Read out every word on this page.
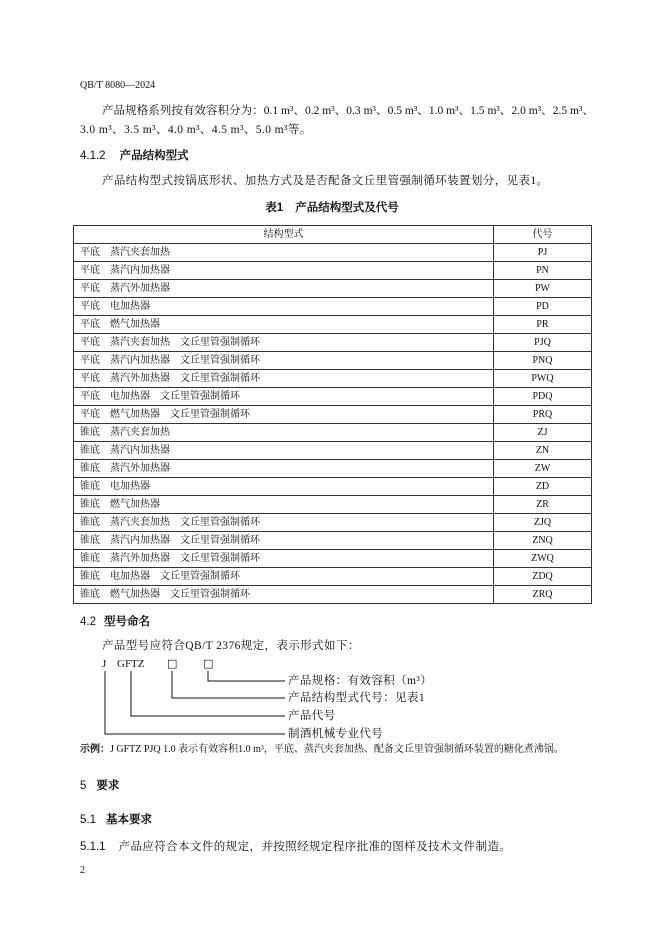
QB/T 8080—2024
产品规格系列按有效容积分为：0.1 m³、0.2 m³、0.3 m³、0.5 m³、1.0 m³、1.5 m³、2.0 m³、2.5 m³、
3.0 m³、3.5 m³、4.0 m³、4.5 m³、5.0 m³等。
4.1.2 产品结构型式
产品结构型式按锅底形状、加热方式及是否配备文丘里管强制循环装置划分，见表1。
表1 产品结构型式及代号
结构型式	代号
平底　蒸汽夹套加热	PJ
平底　蒸汽内加热器	PN
平底　蒸汽外加热器	PW
平底　电加热器	PD
平底　燃气加热器	PR
平底　蒸汽夹套加热　文丘里管强制循环	PJQ
平底　蒸汽内加热器　文丘里管强制循环	PNQ
平底　蒸汽外加热器　文丘里管强制循环	PWQ
平底　电加热器　文丘里管强制循环	PDQ
平底　燃气加热器　文丘里管强制循环	PRQ
锥底　蒸汽夹套加热	ZJ
锥底　蒸汽内加热器	ZN
锥底　蒸汽外加热器	ZW
锥底　电加热器	ZD
锥底　燃气加热器	ZR
锥底　蒸汽夹套加热　文丘里管强制循环	ZJQ
锥底　蒸汽内加热器　文丘里管强制循环	ZNQ
锥底　蒸汽外加热器　文丘里管强制循环	ZWQ
锥底　电加热器　文丘里管强制循环	ZDQ
锥底　燃气加热器　文丘里管强制循环	ZRQ
4.2 型号命名
产品型号应符合QB/T 2376规定，表示形式如下：
J GFTZ □ □
产品规格：有效容积（m³）
产品结构型式代号：见表1
产品代号
制酒机械专业代号
示例：J GFTZ PJQ 1.0 表示有效容积1.0 m³，平底、蒸汽夹套加热、配备文丘里管强制循环装置的糖化煮沸锅。
5 要求
5.1 基本要求
5.1.1 产品应符合本文件的规定，并按照经规定程序批准的图样及技术文件制造。
2
